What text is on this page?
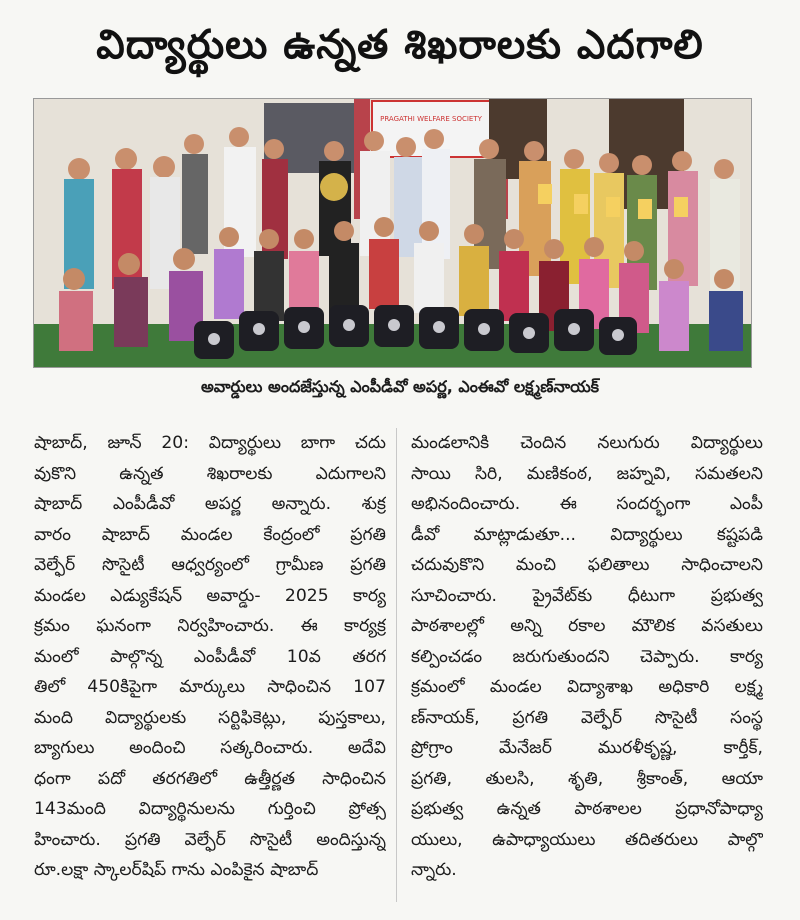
విద్యార్థులు ఉన్నత శిఖరాలకు ఎదగాలి
PRAGATHI WELFARE SOCIETY
అవార్డులు అందజేస్తున్న ఎంపీడీవో అపర్ణ, ఎంఈవో లక్ష్మణ్‌నాయక్
షాబాద్, జూన్ 20: విద్యార్థులు బాగా చదు
వుకొని ఉన్నత శిఖరాలకు ఎదుగాలని
షాబాద్ ఎంపీడీవో అపర్ణ అన్నారు. శుక్ర
వారం షాబాద్ మండల కేంద్రంలో ప్రగతి
వెల్ఫేర్ సొసైటీ ఆధ్వర్యంలో గ్రామీణ ప్రగతి
మండల ఎడ్యుకేషన్ అవార్డు- 2025 కార్య
క్రమం ఘనంగా నిర్వహించారు. ఈ కార్యక్ర
మంలో పాల్గొన్న ఎంపీడీవో 10వ తరగ
తిలో 450కిపైగా మార్కులు సాధించిన 107
మంది విద్యార్థులకు సర్టిఫికెట్లు, పుస్తకాలు,
బ్యాగులు అందించి సత్కరించారు. అదేవి
ధంగా పదో తరగతిలో ఉత్తీర్ణత సాధించిన
143మంది విద్యార్థినులను గుర్తించి ప్రోత్స
హించారు. ప్రగతి వెల్ఫేర్ సొసైటీ అందిస్తున్న
రూ.లక్షా స్కాలర్‌షిప్ గాను ఎంపికైన షాబాద్
మండలానికి చెందిన నలుగురు విద్యార్థులు
సాయి సిరి, మణికంఠ, జహ్నవి, సమతలని
అభినందించారు. ఈ సందర్భంగా ఎంపీ
డీవో మాట్లాడుతూ... విద్యార్థులు కష్టపడి
చదువుకొని మంచి ఫలితాలు సాధించాలని
సూచించారు. ప్రైవేట్‌కు ధీటుగా ప్రభుత్వ
పాఠశాలల్లో అన్ని రకాల మౌలిక వసతులు
కల్పించడం జరుగుతుందని చెప్పారు. కార్య
క్రమంలో మండల విద్యాశాఖ అధికారి లక్ష్మ
ణ్‌నాయక్, ప్రగతి వెల్ఫేర్ సొసైటీ సంస్థ
ప్రోగ్రాం మేనేజర్ మురళీకృష్ణ, కార్తీక్,
ప్రగతి, తులసి, శృతి, శ్రీకాంత్, ఆయా
ప్రభుత్వ ఉన్నత పాఠశాలల ప్రధానోపాధ్యా
యులు, ఉపాధ్యాయులు తదితరులు పాల్గొ
న్నారు.
